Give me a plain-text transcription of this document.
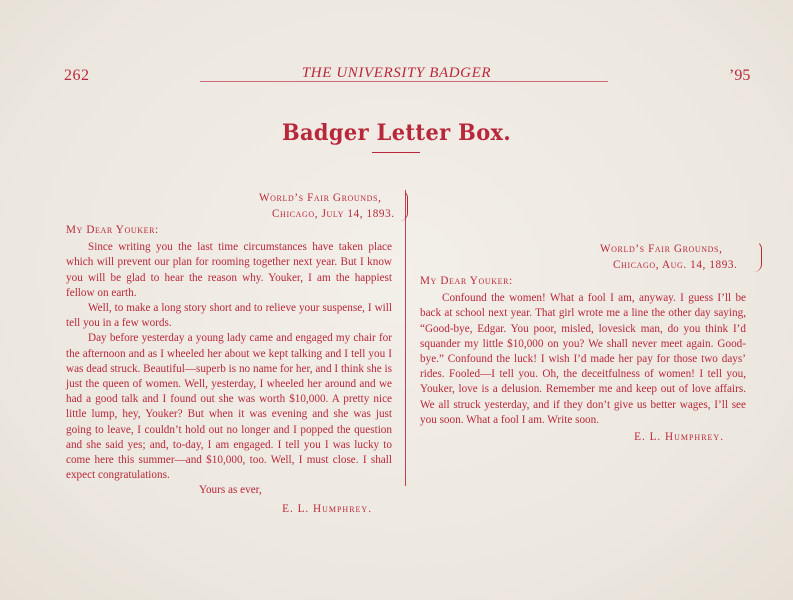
262	THE UNIVERSITY BADGER	’95
Badger Letter Box.
World’s Fair Grounds,
Chicago, July 14, 1893.
My Dear Youker:

Since writing you the last time circumstances have taken place which will prevent our plan for rooming together next year. But I know you will be glad to hear the reason why. Youker, I am the happiest fellow on earth.

Well, to make a long story short and to relieve your suspense, I will tell you in a few words.

Day before yesterday a young lady came and engaged my chair for the afternoon and as I wheeled her about we kept talking and I tell you I was dead struck. Beautiful—superb is no name for her, and I think she is just the queen of women. Well, yesterday, I wheeled her around and we had a good talk and I found out she was worth $10,000. A pretty nice little lump, hey, Youker? But when it was evening and she was just going to leave, I couldn’t hold out no longer and I popped the question and she said yes; and, to-day, I am engaged. I tell you I was lucky to come here this summer—and $10,000, too. Well, I must close. I shall expect congratulations.

Yours as ever,
E. L. Humphrey.
World’s Fair Grounds,
Chicago, Aug. 14, 1893.
My Dear Youker:

Confound the women! What a fool I am, anyway. I guess I’ll be back at school next year. That girl wrote me a line the other day saying, “Good-bye, Edgar. You poor, misled, lovesick man, do you think I’d squander my little $10,000 on you? We shall never meet again. Good-bye.” Confound the luck! I wish I’d made her pay for those two days’ rides. Fooled—I tell you. Oh, the deceitfulness of women! I tell you, Youker, love is a delusion. Remember me and keep out of love affairs. We all struck yesterday, and if they don’t give us better wages, I’ll see you soon. What a fool I am. Write soon.

E. L. Humphrey.
